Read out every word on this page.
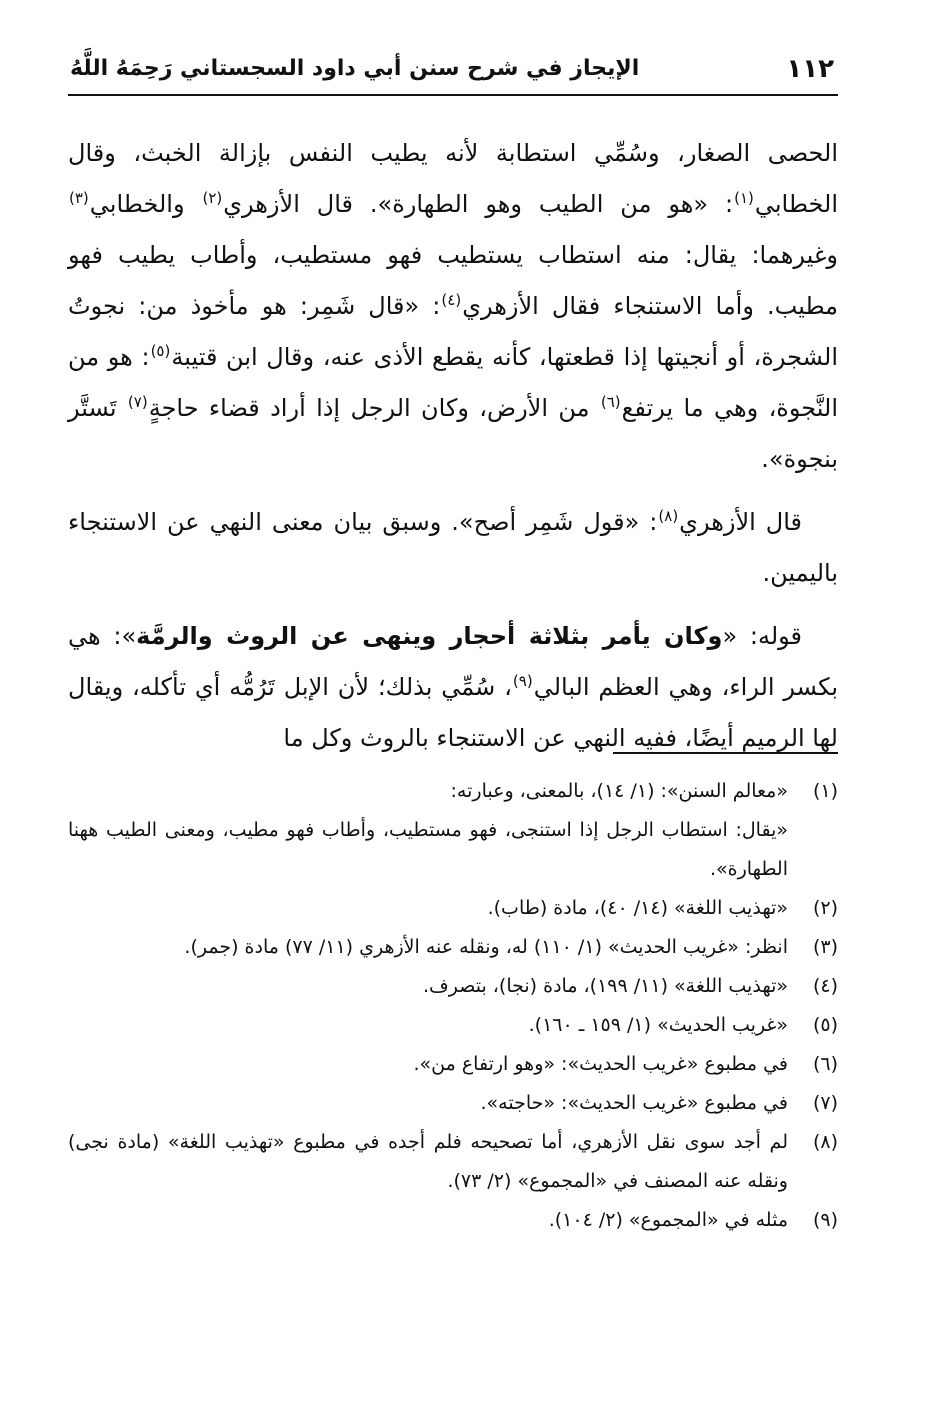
١١٢
الإيجاز في شرح سنن أبي داود السجستاني رَحِمَهُ اللَّهُ

الحصى الصغار، وسُمِّي استطابة لأنه يطيب النفس بإزالة الخبث، وقال الخطابي$^{(١)}$: «هو من الطيب وهو الطهارة». قال الأزهري$^{(٢)}$ والخطابي$^{(٣)}$ وغيرهما: يقال: منه استطاب يستطيب فهو مستطيب، وأطاب يطيب فهو مطيب. وأما الاستنجاء فقال الأزهري$^{(٤)}$: «قال شَمِر: هو مأخوذ من: نجوتُ الشجرة، أو أنجيتها إذا قطعتها، كأنه يقطع الأذى عنه، وقال ابن قتيبة$^{(٥)}$: هو من النَّجوة، وهي ما يرتفع$^{(٦)}$ من الأرض، وكان الرجل إذا أراد قضاء حاجةٍ$^{(٧)}$ تَستَّر بنجوة».

قال الأزهري$^{(٨)}$: «قول شَمِر أصح». وسبق بيان معنى النهي عن الاستنجاء باليمين.

قوله: «وكان يأمر بثلاثة أحجار وينهى عن الروث والرمَّة»: هي بكسر الراء، وهي العظم البالي$^{(٩)}$، سُمِّي بذلك؛ لأن الإبل تَرُمُّه أي تأكله، ويقال لها الرميم أيضًا، ففيه النهي عن الاستنجاء بالروث وكل ما

(١)
«معالم السنن»: (١/ ١٤)، بالمعنى، وعبارته:
«يقال: استطاب الرجل إذا استنجى، فهو مستطيب، وأطاب فهو مطيب، ومعنى الطيب ههنا الطهارة».
(٢)
«تهذيب اللغة» (١٤/ ٤٠)، مادة (طاب).
(٣)
انظر: «غريب الحديث» (١/ ١١٠) له، ونقله عنه الأزهري (١١/ ٧٧) مادة (جمر).
(٤)
«تهذيب اللغة» (١١/ ١٩٩)، مادة (نجا)، بتصرف.
(٥)
«غريب الحديث» (١/ ١٥٩ ـ ١٦٠).
(٦)
في مطبوع «غريب الحديث»: «وهو ارتفاع من».
(٧)
في مطبوع «غريب الحديث»: «حاجته».
(٨)
لم أجد سوى نقل الأزهري، أما تصحيحه فلم أجده في مطبوع «تهذيب اللغة» (مادة نجى) ونقله عنه المصنف في «المجموع» (٢/ ٧٣).
(٩)
مثله في «المجموع» (٢/ ١٠٤).
